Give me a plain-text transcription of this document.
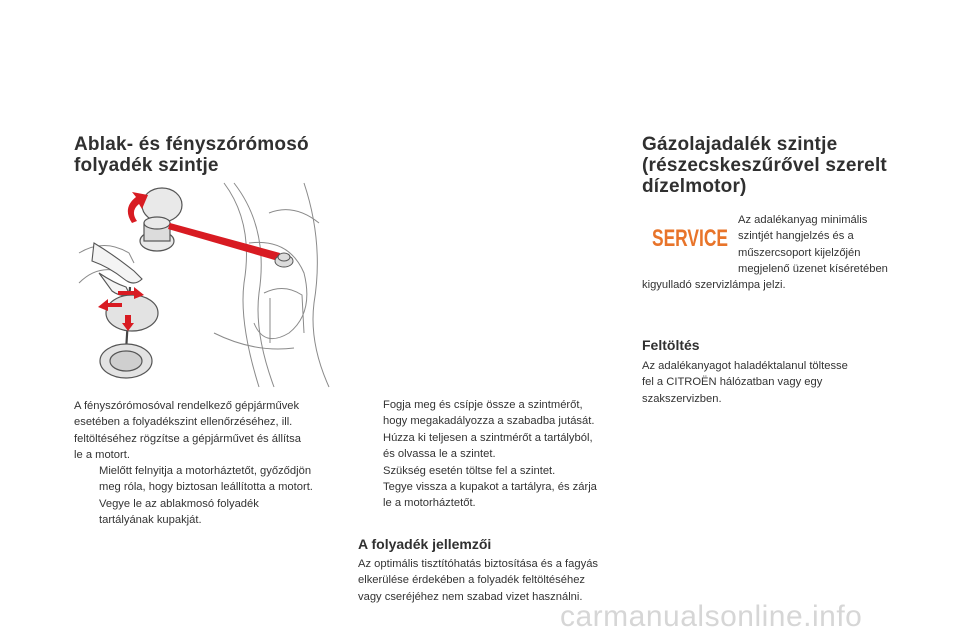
Ablak- és fényszórómosó
folyadék szintje
A fényszórómosóval rendelkező gépjárművek
esetében a folyadékszint ellenőrzéséhez, ill.
feltöltéséhez rögzítse a gépjárművet és állítsa
le a motort.
Mielőtt felnyitja a motorháztetőt, győződjön
meg róla, hogy biztosan leállította a motort.
Vegye le az ablakmosó folyadék
tartályának kupakját.
Fogja meg és csípje össze a szintmérőt,
hogy megakadályozza a szabadba jutását.
Húzza ki teljesen a szintmérőt a tartályból,
és olvassa le a szintet.
Szükség esetén töltse fel a szintet.
Tegye vissza a kupakot a tartályra, és zárja
le a motorháztetőt.
A folyadék jellemzői
Az optimális tisztítóhatás biztosítása és a fagyás
elkerülése érdekében a folyadék feltöltéséhez
vagy cseréjéhez nem szabad vizet használni.
Gázolajadalék szintje
(részecskeszűrővel szerelt
dízelmotor)
SERVICE
Az adalékanyag minimális
szintjét hangjelzés és a
műszercsoport kijelzőjén
megjelenő üzenet kíséretében
kigyulladó szervizlámpa jelzi.
Feltöltés
Az adalékanyagot haladéktalanul töltesse
fel a CITROËN hálózatban vagy egy
szakszervizben.
carmanualsonline.info
